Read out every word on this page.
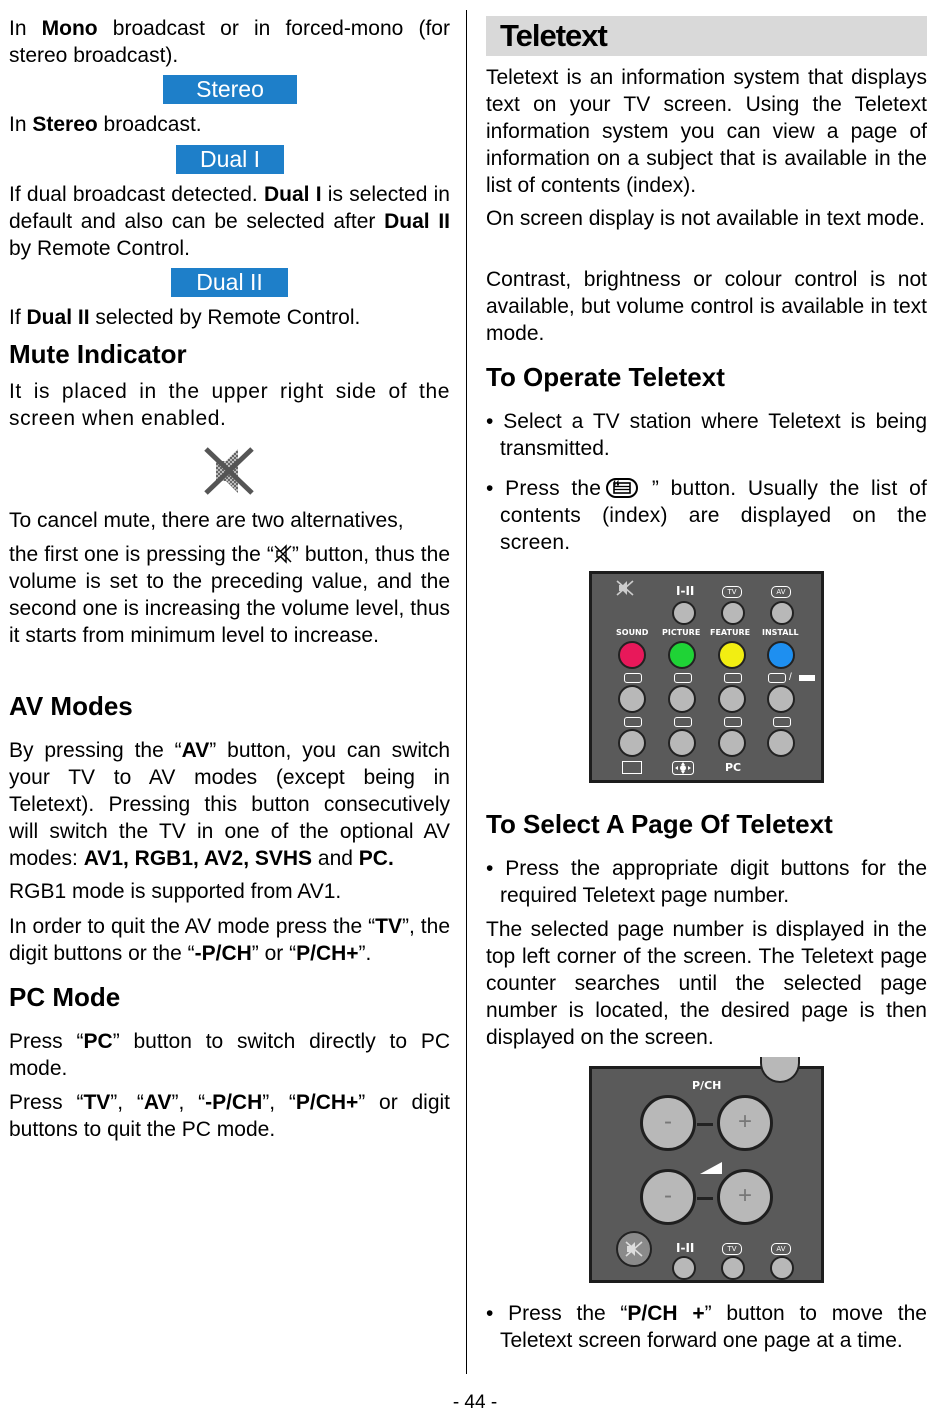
In Mono broadcast or in forced-mono (for stereo broadcast).

Stereo

In Stereo broadcast.

Dual I

If dual broadcast detected. Dual I is selected in default and also can be selected after Dual II by Remote Control.

Dual II

If Dual II selected by Remote Control.

Mute Indicator

It is placed in the upper right side of the screen when enabled.

To cancel mute, there are two alternatives,

the first one is pressing the “ ” button, thus the volume is set to the preceding value, and the second one is increasing the volume level, thus it starts from minimum level to increase.

AV Modes

By pressing the “AV” button, you can switch your TV to AV modes (except being in Teletext). Pressing this button consecutively will switch the TV in one of the optional AV modes: AV1, RGB1, AV2, SVHS and PC.

RGB1 mode is supported from AV1.

In order to quit the AV mode press the “TV”, the digit buttons or the “-P/CH” or “P/CH+”.

PC Mode

Press “PC” button to switch directly to PC mode.

Press “TV”, “AV”, “-P/CH”, “P/CH+” or digit buttons to quit the PC mode.

Teletext

Teletext is an information system that displays text on your TV screen. Using the Teletext information system you can view a page of information on a subject that is available in the list of contents (index).

On screen display is not available in text mode.

Contrast, brightness or colour control is not available, but volume control is available in text mode.

To Operate Teletext

• Select a TV station where Teletext is being transmitted.

• Press the “ ” button. Usually the list of contents (index) are displayed on the screen.

I-II	TV	AV
SOUND PICTURE FEATURE INSTALL
/
PC
To Select A Page Of Teletext

• Press the appropriate digit buttons for the required Teletext page number.

The selected page number is displayed in the top left corner of the screen. The Teletext page counter searches until the selected page number is located, the desired page is then displayed on the screen.

P/CH
-	+
-	+
I-II	TV	AV

• Press the “P/CH +” button to move the Teletext screen forward one page at a time.

- 44 -
